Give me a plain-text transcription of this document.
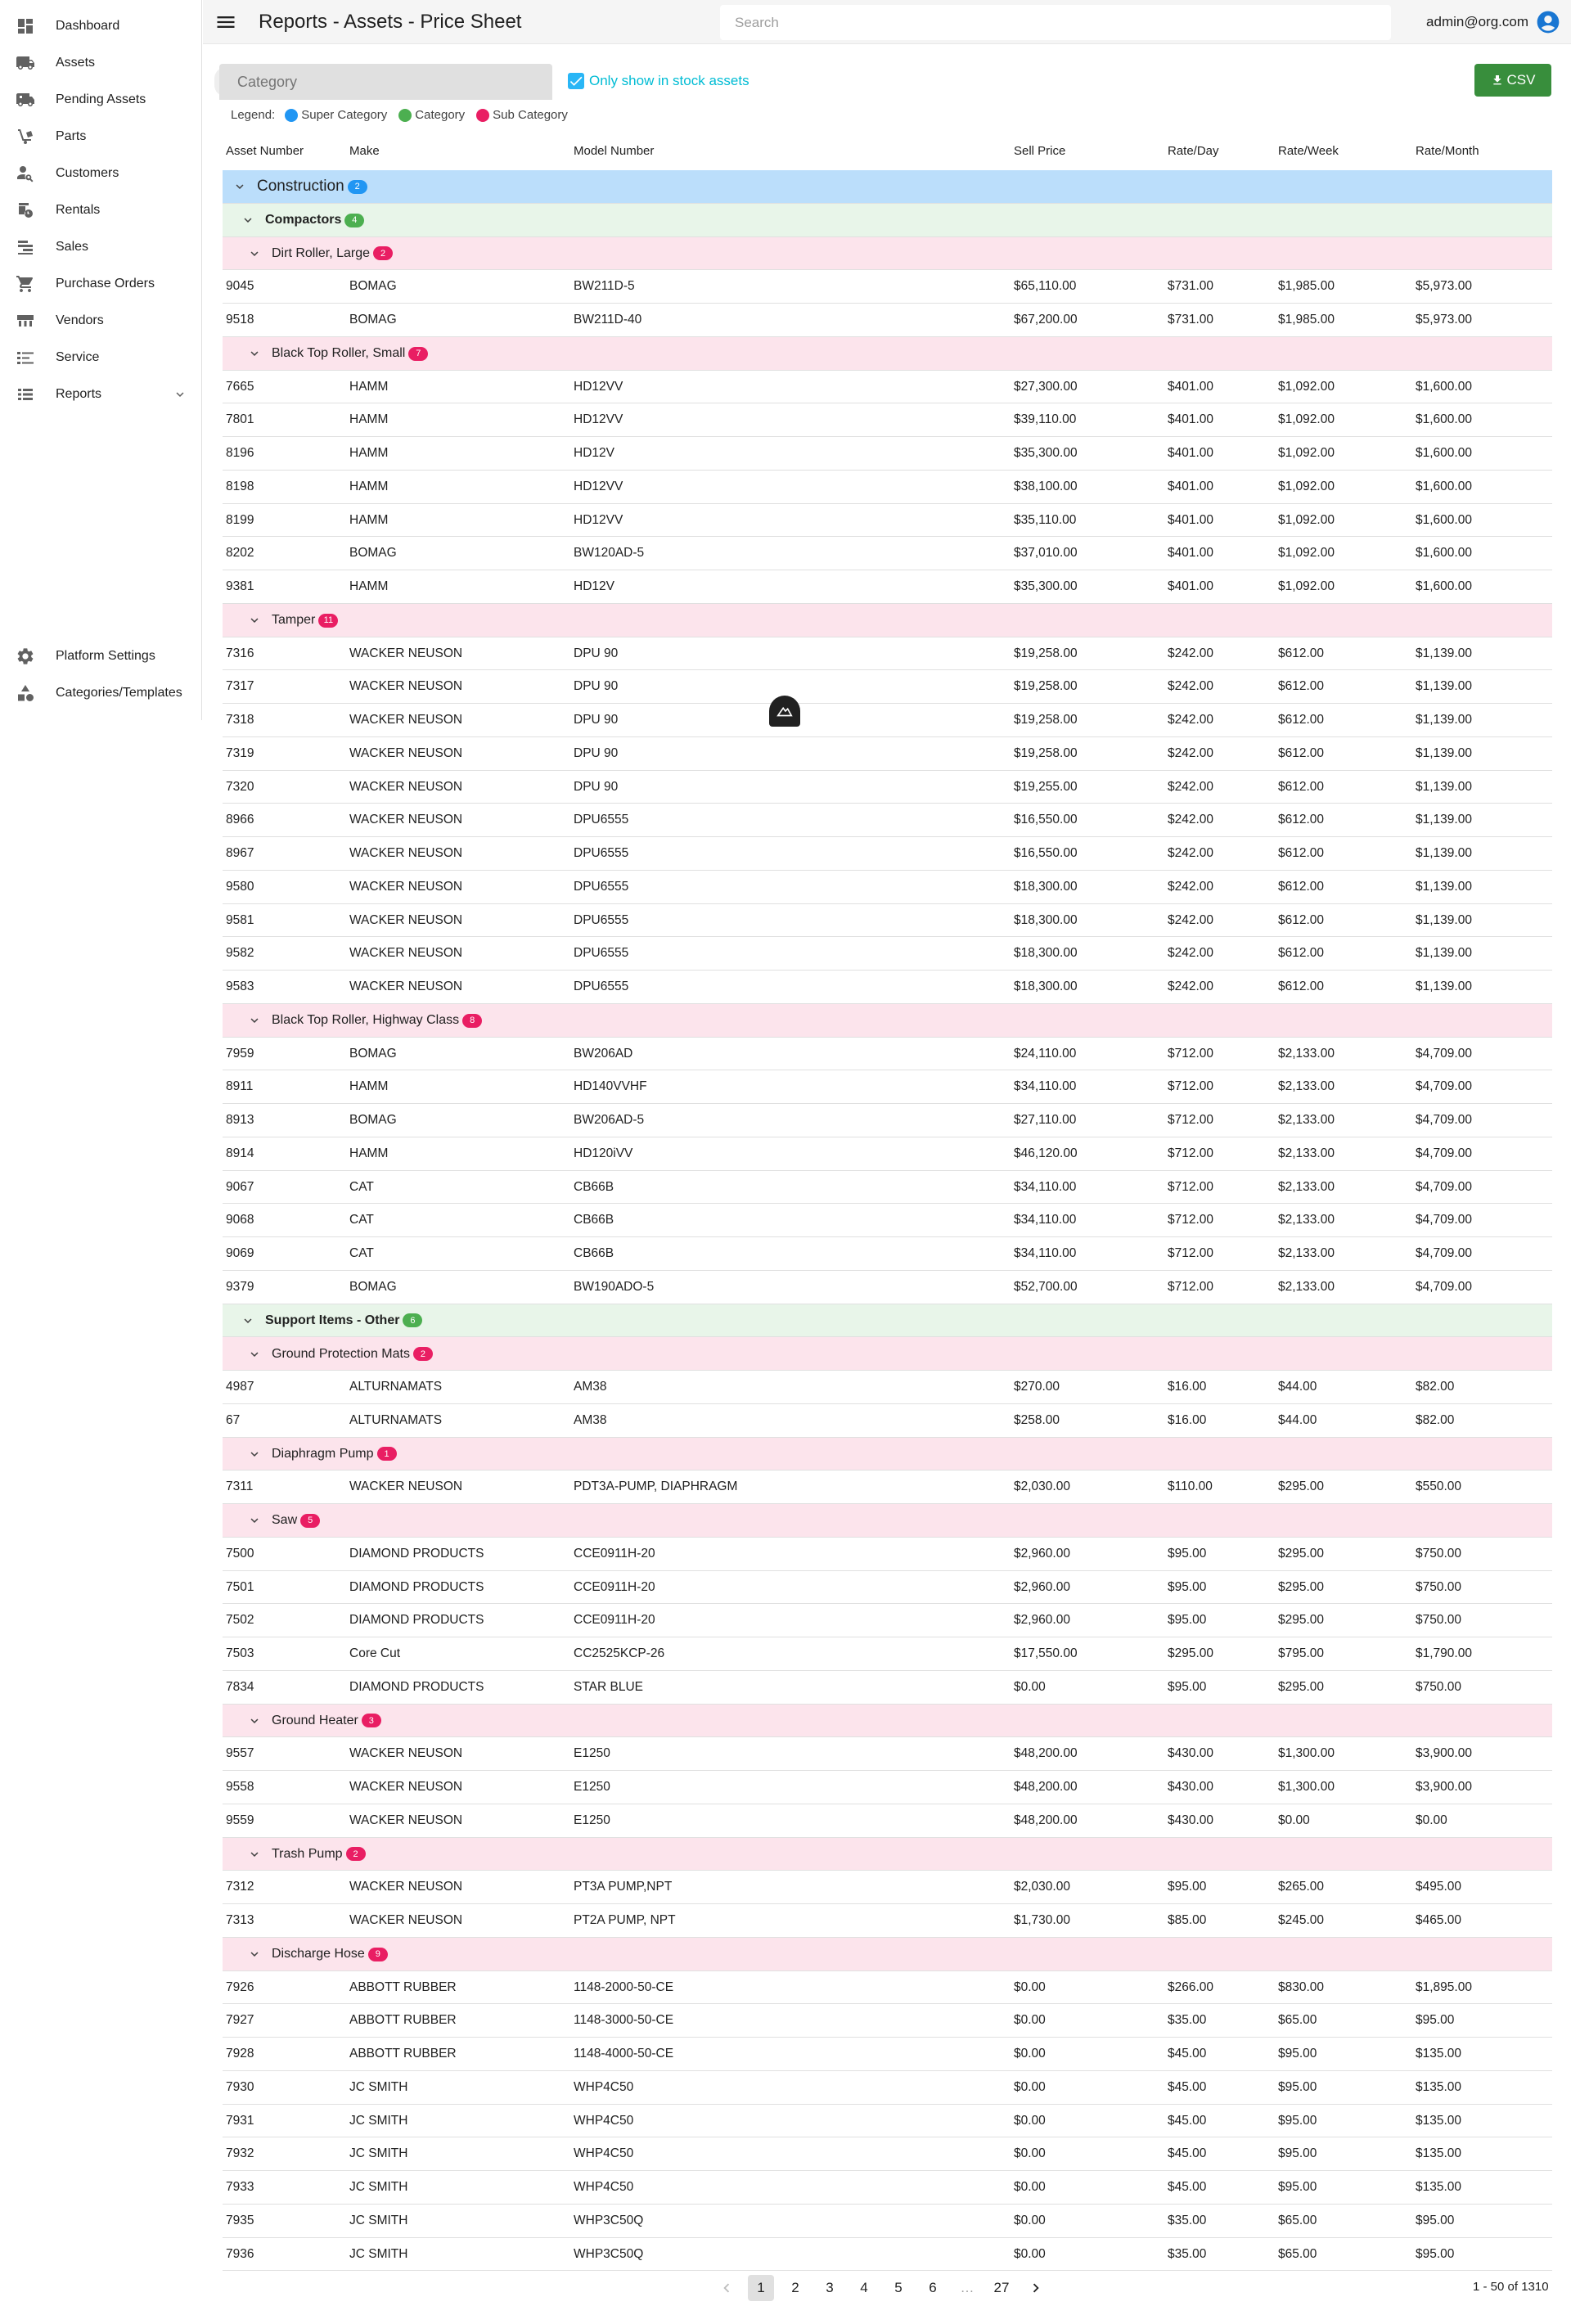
Dashboard
Assets
Pending Assets
Parts
Customers
Rentals
Sales
Purchase Orders
Vendors
Service
Reports
Platform Settings
Categories/Templates
Reports - Assets - Price Sheet
Search	admin@org.com
Category
Only show in stock assets	CSV
Legend: Super Category Category Sub Category
Asset Number	Make	Model Number	Sell Price	Rate/Day	Rate/Week	Rate/Month
Construction	2
Compactors	4
Dirt Roller, Large	2
9045	BOMAG	BW211D-5	$65,110.00	$731.00	$1,985.00	$5,973.00
9518	BOMAG	BW211D-40	$67,200.00	$731.00	$1,985.00	$5,973.00
Black Top Roller, Small	7
7665	HAMM	HD12VV	$27,300.00	$401.00	$1,092.00	$1,600.00
7801	HAMM	HD12VV	$39,110.00	$401.00	$1,092.00	$1,600.00
8196	HAMM	HD12V	$35,300.00	$401.00	$1,092.00	$1,600.00
8198	HAMM	HD12VV	$38,100.00	$401.00	$1,092.00	$1,600.00
8199	HAMM	HD12VV	$35,110.00	$401.00	$1,092.00	$1,600.00
8202	BOMAG	BW120AD-5	$37,010.00	$401.00	$1,092.00	$1,600.00
9381	HAMM	HD12V	$35,300.00	$401.00	$1,092.00	$1,600.00
Tamper 11
7316	WACKER NEUSON	DPU 90	$19,258.00	$242.00	$612.00	$1,139.00
7317	WACKER NEUSON	DPU 90	$19,258.00	$242.00	$612.00	$1,139.00
7318	WACKER NEUSON	DPU 90	$19,258.00	$242.00	$612.00	$1,139.00
7319	WACKER NEUSON	DPU 90	$19,258.00	$242.00	$612.00	$1,139.00
7320	WACKER NEUSON	DPU 90	$19,255.00	$242.00	$612.00	$1,139.00
8966	WACKER NEUSON	DPU6555	$16,550.00	$242.00	$612.00	$1,139.00
8967	WACKER NEUSON	DPU6555	$16,550.00	$242.00	$612.00	$1,139.00
9580	WACKER NEUSON	DPU6555	$18,300.00	$242.00	$612.00	$1,139.00
9581	WACKER NEUSON	DPU6555	$18,300.00	$242.00	$612.00	$1,139.00
9582	WACKER NEUSON	DPU6555	$18,300.00	$242.00	$612.00	$1,139.00
9583	WACKER NEUSON	DPU6555	$18,300.00	$242.00	$612.00	$1,139.00
Black Top Roller, Highway Class	8
7959	BOMAG	BW206AD	$24,110.00	$712.00	$2,133.00	$4,709.00
8911	HAMM	HD140VVHF	$34,110.00	$712.00	$2,133.00	$4,709.00
8913	BOMAG	BW206AD-5	$27,110.00	$712.00	$2,133.00	$4,709.00
8914	HAMM	HD120iVV	$46,120.00	$712.00	$2,133.00	$4,709.00
9067	CAT	CB66B	$34,110.00	$712.00	$2,133.00	$4,709.00
9068	CAT	CB66B	$34,110.00	$712.00	$2,133.00	$4,709.00
9069	CAT	CB66B	$34,110.00	$712.00	$2,133.00	$4,709.00
9379	BOMAG	BW190ADO-5	$52,700.00	$712.00	$2,133.00	$4,709.00
Support Items - Other	6
Ground Protection Mats	2
4987	ALTURNAMATS	AM38	$270.00	$16.00	$44.00	$82.00
67	ALTURNAMATS	AM38	$258.00	$16.00	$44.00	$82.00
Diaphragm Pump	1
7311	WACKER NEUSON	PDT3A-PUMP, DIAPHRAGM	$2,030.00	$110.00	$295.00	$550.00
Saw	5
7500	DIAMOND PRODUCTS	CCE0911H-20	$2,960.00	$95.00	$295.00	$750.00
7501	DIAMOND PRODUCTS	CCE0911H-20	$2,960.00	$95.00	$295.00	$750.00
7502	DIAMOND PRODUCTS	CCE0911H-20	$2,960.00	$95.00	$295.00	$750.00
7503	Core Cut	CC2525KCP-26	$17,550.00	$295.00	$795.00	$1,790.00
7834	DIAMOND PRODUCTS	STAR BLUE	$0.00	$95.00	$295.00	$750.00
Ground Heater	3
9557	WACKER NEUSON	E1250	$48,200.00	$430.00	$1,300.00	$3,900.00
9558	WACKER NEUSON	E1250	$48,200.00	$430.00	$1,300.00	$3,900.00
9559	WACKER NEUSON	E1250	$48,200.00	$430.00	$0.00	$0.00
Trash Pump	2
7312	WACKER NEUSON	PT3A PUMP,NPT	$2,030.00	$95.00	$265.00	$495.00
7313	WACKER NEUSON	PT2A PUMP, NPT	$1,730.00	$85.00	$245.00	$465.00
Discharge Hose	9
7926	ABBOTT RUBBER	1148-2000-50-CE	$0.00	$266.00	$830.00	$1,895.00
7927	ABBOTT RUBBER	1148-3000-50-CE	$0.00	$35.00	$65.00	$95.00
7928	ABBOTT RUBBER	1148-4000-50-CE	$0.00	$45.00	$95.00	$135.00
7930	JC SMITH	WHP4C50	$0.00	$45.00	$95.00	$135.00
7931	JC SMITH	WHP4C50	$0.00	$45.00	$95.00	$135.00
7932	JC SMITH	WHP4C50	$0.00	$45.00	$95.00	$135.00
7933	JC SMITH	WHP4C50	$0.00	$45.00	$95.00	$135.00
7935	JC SMITH	WHP3C50Q	$0.00	$35.00	$65.00	$95.00
7936	JC SMITH	WHP3C50Q	$0.00	$35.00	$65.00	$95.00
1	2	3	4	5	6	…	27	1 - 50 of 1310
